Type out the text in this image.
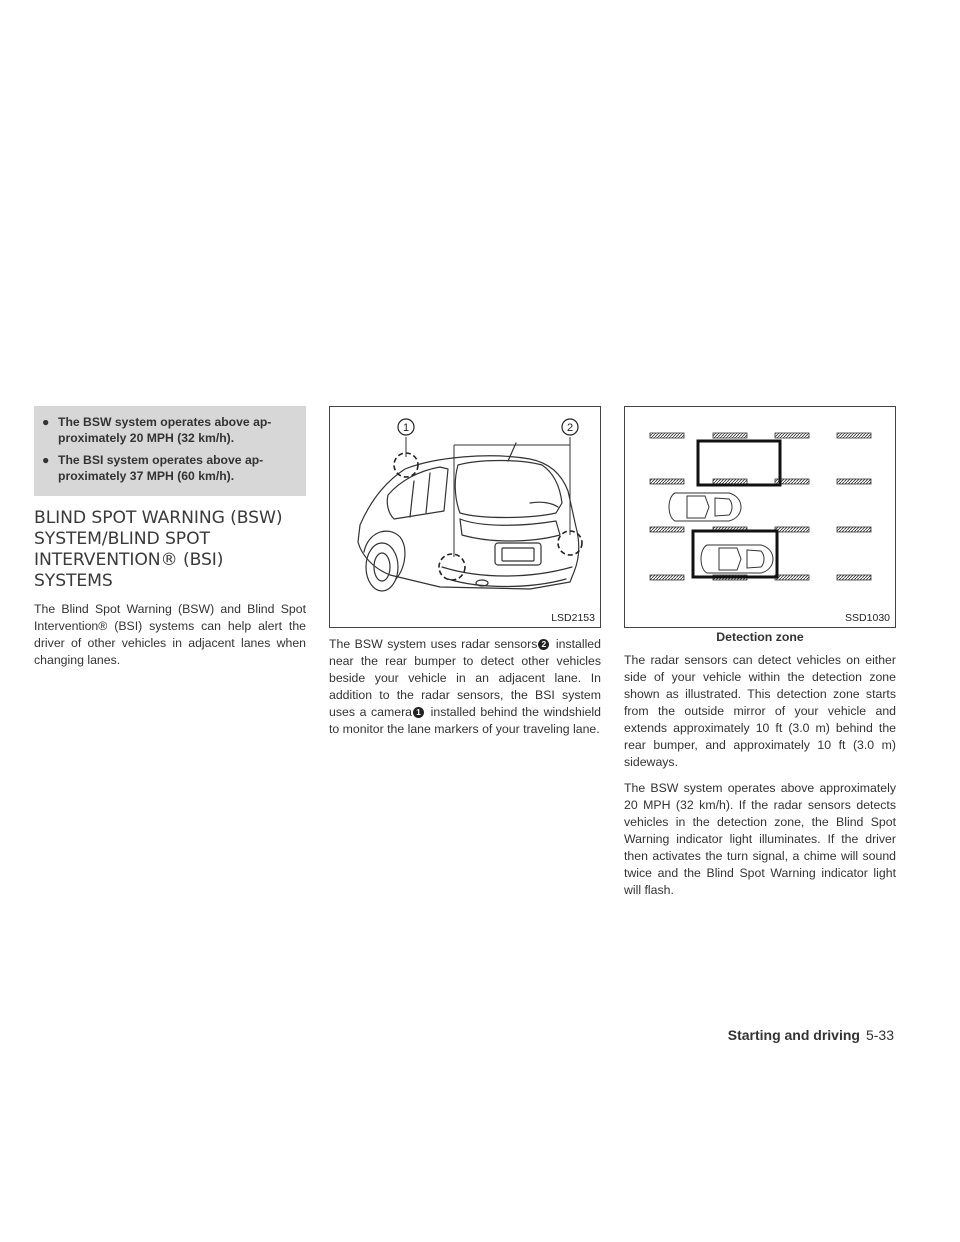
● The BSW system operates above ap- proximately 20 MPH (32 km/h).
● The BSI system operates above ap- proximately 37 MPH (60 km/h).
BLIND SPOT WARNING (BSW) SYSTEM/BLIND SPOT INTERVENTION® (BSI) SYSTEMS

The Blind Spot Warning (BSW) and Blind Spot Intervention® (BSI) systems can help alert the driver of other vehicles in adjacent lanes when changing lanes.

1	2
LSD2153

The BSW system uses radar sensors 2 installed near the rear bumper to detect other vehicles beside your vehicle in an adjacent lane. In addition to the radar sensors, the BSI system uses a camera 1 installed behind the windshield to monitor the lane markers of your traveling lane.

SSD1030
Detection zone

The radar sensors can detect vehicles on either side of your vehicle within the detection zone shown as illustrated. This detection zone starts from the outside mirror of your vehicle and extends approximately 10 ft (3.0 m) behind the rear bumper, and approximately 10 ft (3.0 m) sideways.

The BSW system operates above approximately 20 MPH (32 km/h). If the radar sensors detects vehicles in the detection zone, the Blind Spot Warning indicator light illuminates. If the driver then activates the turn signal, a chime will sound twice and the Blind Spot Warning indicator light will flash.

Starting and driving 5-33
